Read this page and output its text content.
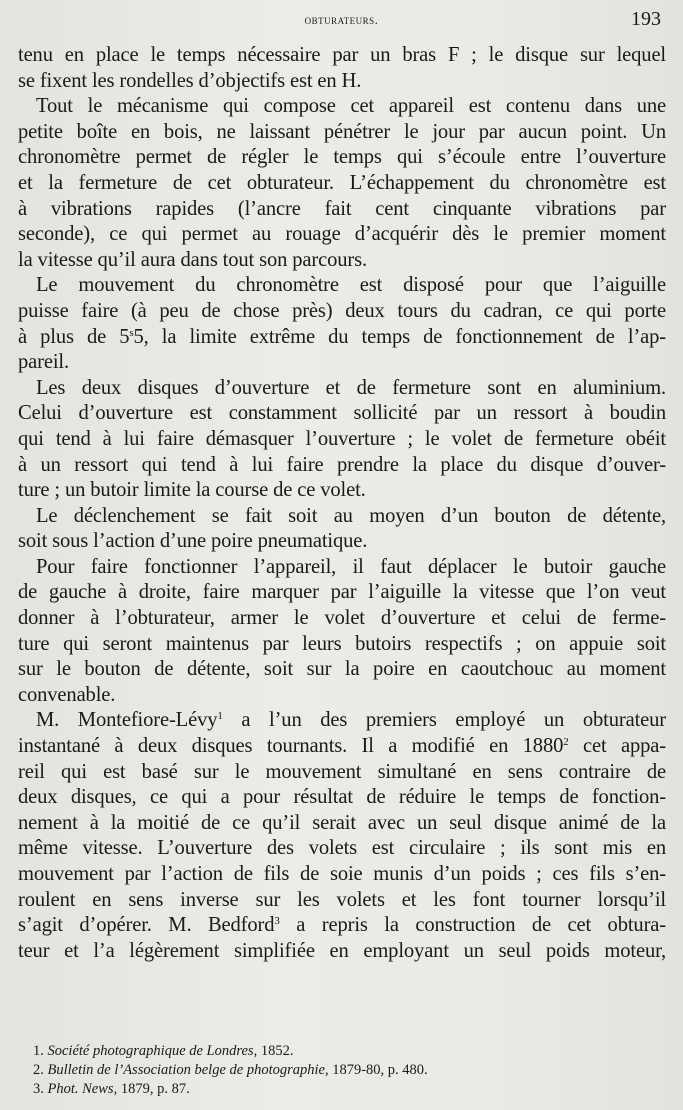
obturateurs.	193
tenu en place le temps nécessaire par un bras F ; le disque sur lequel
se fixent les rondelles d’objectifs est en H.
Tout le mécanisme qui compose cet appareil est contenu dans une
petite boîte en bois, ne laissant pénétrer le jour par aucun point. Un
chronomètre permet de régler le temps qui s’écoule entre l’ouverture
et la fermeture de cet obturateur. L’échappement du chronomètre est
à vibrations rapides (l’ancre fait cent cinquante vibrations par
seconde), ce qui permet au rouage d’acquérir dès le premier moment
la vitesse qu’il aura dans tout son parcours.
Le mouvement du chronomètre est disposé pour que l’aiguille
puisse faire (à peu de chose près) deux tours du cadran, ce qui porte
à plus de 5$^s$5, la limite extrême du temps de fonctionnement de l’ap-
pareil.
Les deux disques d’ouverture et de fermeture sont en aluminium.
Celui d’ouverture est constamment sollicité par un ressort à boudin
qui tend à lui faire démasquer l’ouverture ; le volet de fermeture obéit
à un ressort qui tend à lui faire prendre la place du disque d’ouver-
ture ; un butoir limite la course de ce volet.
Le déclenchement se fait soit au moyen d’un bouton de détente,
soit sous l’action d’une poire pneumatique.
Pour faire fonctionner l’appareil, il faut déplacer le butoir gauche
de gauche à droite, faire marquer par l’aiguille la vitesse que l’on veut
donner à l’obturateur, armer le volet d’ouverture et celui de ferme-
ture qui seront maintenus par leurs butoirs respectifs ; on appuie soit
sur le bouton de détente, soit sur la poire en caoutchouc au moment
convenable.
M. Montefiore-Lévy$^1$ a l’un des premiers employé un obturateur
instantané à deux disques tournants. Il a modifié en 1880$^2$ cet appa-
reil qui est basé sur le mouvement simultané en sens contraire de
deux disques, ce qui a pour résultat de réduire le temps de fonction-
nement à la moitié de ce qu’il serait avec un seul disque animé de la
même vitesse. L’ouverture des volets est circulaire ; ils sont mis en
mouvement par l’action de fils de soie munis d’un poids ; ces fils s’en-
roulent en sens inverse sur les volets et les font tourner lorsqu’il
s’agit d’opérer. M. Bedford$^3$ a repris la construction de cet obtura-
teur et l’a légèrement simplifiée en employant un seul poids moteur,
1. Société photographique de Londres, 1852.
2. Bulletin de l’Association belge de photographie, 1879-80, p. 480.
3. Phot. News, 1879, p. 87.
